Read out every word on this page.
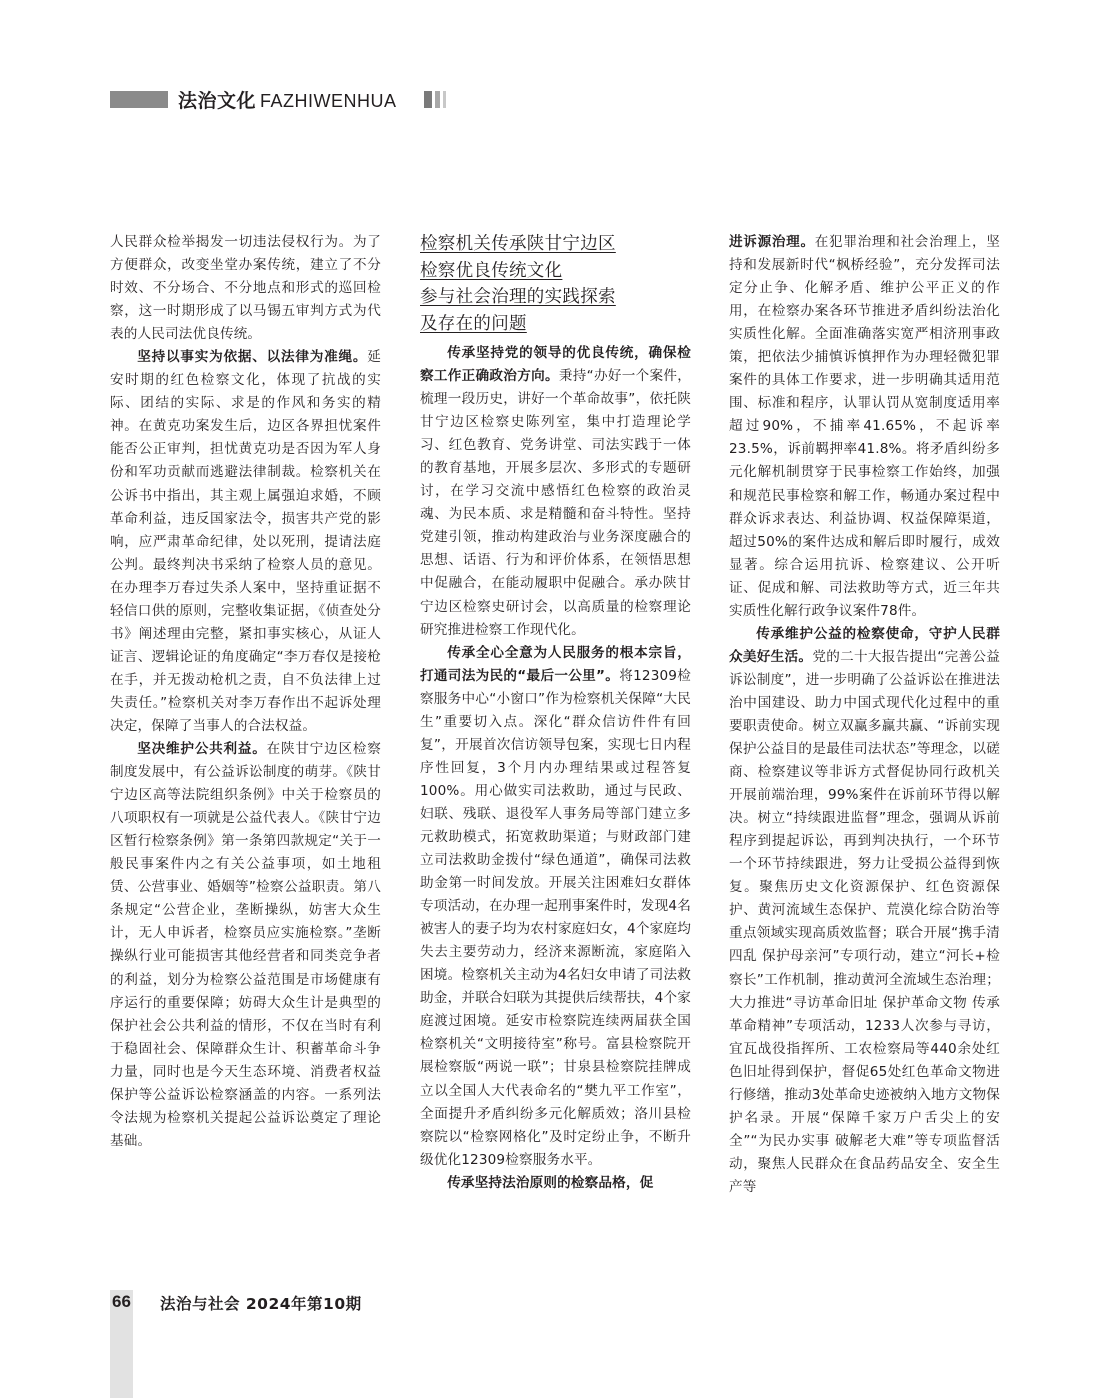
法治文化 FAZHIWENHUA

人民群众检举揭发一切违法侵权行为。为了方便群众，改变坐堂办案传统，建立了不分时效、不分场合、不分地点和形式的巡回检察，这一时期形成了以马锡五审判方式为代表的人民司法优良传统。

坚持以事实为依据、以法律为准绳。延安时期的红色检察文化，体现了抗战的实际、团结的实际、求是的作风和务实的精神。在黄克功案发生后，边区各界担忧案件能否公正审判，担忧黄克功是否因为军人身份和军功贡献而逃避法律制裁。检察机关在公诉书中指出，其主观上属强迫求婚，不顾革命利益，违反国家法令，损害共产党的影响，应严肃革命纪律，处以死刑，提请法庭公判。最终判决书采纳了检察人员的意见。在办理李万春过失杀人案中，坚持重证据不轻信口供的原则，完整收集证据，《侦查处分书》阐述理由完整，紧扣事实核心，从证人证言、逻辑论证的角度确定“李万春仅是接枪在手，并无拨动枪机之责，自不负法律上过失责任。”检察机关对李万春作出不起诉处理决定，保障了当事人的合法权益。

坚决维护公共利益。在陕甘宁边区检察制度发展中，有公益诉讼制度的萌芽。《陕甘宁边区高等法院组织条例》中关于检察员的八项职权有一项就是公益代表人。《陕甘宁边区暂行检察条例》第一条第四款规定“关于一般民事案件内之有关公益事项，如土地租赁、公营事业、婚姻等”检察公益职责。第八条规定“公营企业，垄断操纵，妨害大众生计，无人申诉者，检察员应实施检察。”垄断操纵行业可能损害其他经营者和同类竞争者的利益，划分为检察公益范围是市场健康有序运行的重要保障；妨碍大众生计是典型的保护社会公共利益的情形，不仅在当时有利于稳固社会、保障群众生计、积蓄革命斗争力量，同时也是今天生态环境、消费者权益保护等公益诉讼检察涵盖的内容。一系列法令法规为检察机关提起公益诉讼奠定了理论基础。

检察机关传承陕甘宁边区
检察优良传统文化
参与社会治理的实践探索
及存在的问题

传承坚持党的领导的优良传统，确保检察工作正确政治方向。秉持“办好一个案件，梳理一段历史，讲好一个革命故事”，依托陕甘宁边区检察史陈列室，集中打造理论学习、红色教育、党务讲堂、司法实践于一体的教育基地，开展多层次、多形式的专题研讨，在学习交流中感悟红色检察的政治灵魂、为民本质、求是精髓和奋斗特性。坚持党建引领，推动构建政治与业务深度融合的思想、话语、行为和评价体系，在领悟思想中促融合，在能动履职中促融合。承办陕甘宁边区检察史研讨会，以高质量的检察理论研究推进检察工作现代化。

传承全心全意为人民服务的根本宗旨，打通司法为民的“最后一公里”。将12309检察服务中心“小窗口”作为检察机关保障“大民生”重要切入点。深化“群众信访件件有回复”，开展首次信访领导包案，实现七日内程序性回复，3个月内办理结果或过程答复100%。用心做实司法救助，通过与民政、妇联、残联、退役军人事务局等部门建立多元救助模式，拓宽救助渠道；与财政部门建立司法救助金拨付“绿色通道”，确保司法救助金第一时间发放。开展关注困难妇女群体专项活动，在办理一起刑事案件时，发现4名被害人的妻子均为农村家庭妇女，4个家庭均失去主要劳动力，经济来源断流，家庭陷入困境。检察机关主动为4名妇女申请了司法救助金，并联合妇联为其提供后续帮扶，4个家庭渡过困境。延安市检察院连续两届获全国检察机关“文明接待室”称号。富县检察院开展检察版“两说一联”；甘泉县检察院挂牌成立以全国人大代表命名的“樊九平工作室”，全面提升矛盾纠纷多元化解质效；洛川县检察院以“检察网格化”及时定纷止争，不断升级优化12309检察服务水平。

传承坚持法治原则的检察品格，促

进诉源治理。在犯罪治理和社会治理上，坚持和发展新时代“枫桥经验”，充分发挥司法定分止争、化解矛盾、维护公平正义的作用，在检察办案各环节推进矛盾纠纷法治化实质性化解。全面准确落实宽严相济刑事政策，把依法少捕慎诉慎押作为办理轻微犯罪案件的具体工作要求，进一步明确其适用范围、标准和程序，认罪认罚从宽制度适用率超过90%，不捕率41.65%，不起诉率23.5%，诉前羁押率41.8%。将矛盾纠纷多元化解机制贯穿于民事检察工作始终，加强和规范民事检察和解工作，畅通办案过程中群众诉求表达、利益协调、权益保障渠道，超过50%的案件达成和解后即时履行，成效显著。综合运用抗诉、检察建议、公开听证、促成和解、司法救助等方式，近三年共实质性化解行政争议案件78件。

传承维护公益的检察使命，守护人民群众美好生活。党的二十大报告提出“完善公益诉讼制度”，进一步明确了公益诉讼在推进法治中国建设、助力中国式现代化过程中的重要职责使命。树立双赢多赢共赢、“诉前实现保护公益目的是最佳司法状态”等理念，以磋商、检察建议等非诉方式督促协同行政机关开展前端治理，99%案件在诉前环节得以解决。树立“持续跟进监督”理念，强调从诉前程序到提起诉讼，再到判决执行，一个环节一个环节持续跟进，努力让受损公益得到恢复。聚焦历史文化资源保护、红色资源保护、黄河流域生态保护、荒漠化综合防治等重点领域实现高质效监督；联合开展“携手清四乱 保护母亲河”专项行动，建立“河长+检察长”工作机制，推动黄河全流域生态治理；大力推进“寻访革命旧址 保护革命文物 传承革命精神”专项活动，1233人次参与寻访，宜瓦战役指挥所、工农检察局等440余处红色旧址得到保护，督促65处红色革命文物进行修缮，推动3处革命史迹被纳入地方文物保护名录。开展“保障千家万户舌尖上的安全”“为民办实事 破解老大难”等专项监督活动，聚焦人民群众在食品药品安全、安全生产等

66 法治与社会 2024年第10期
